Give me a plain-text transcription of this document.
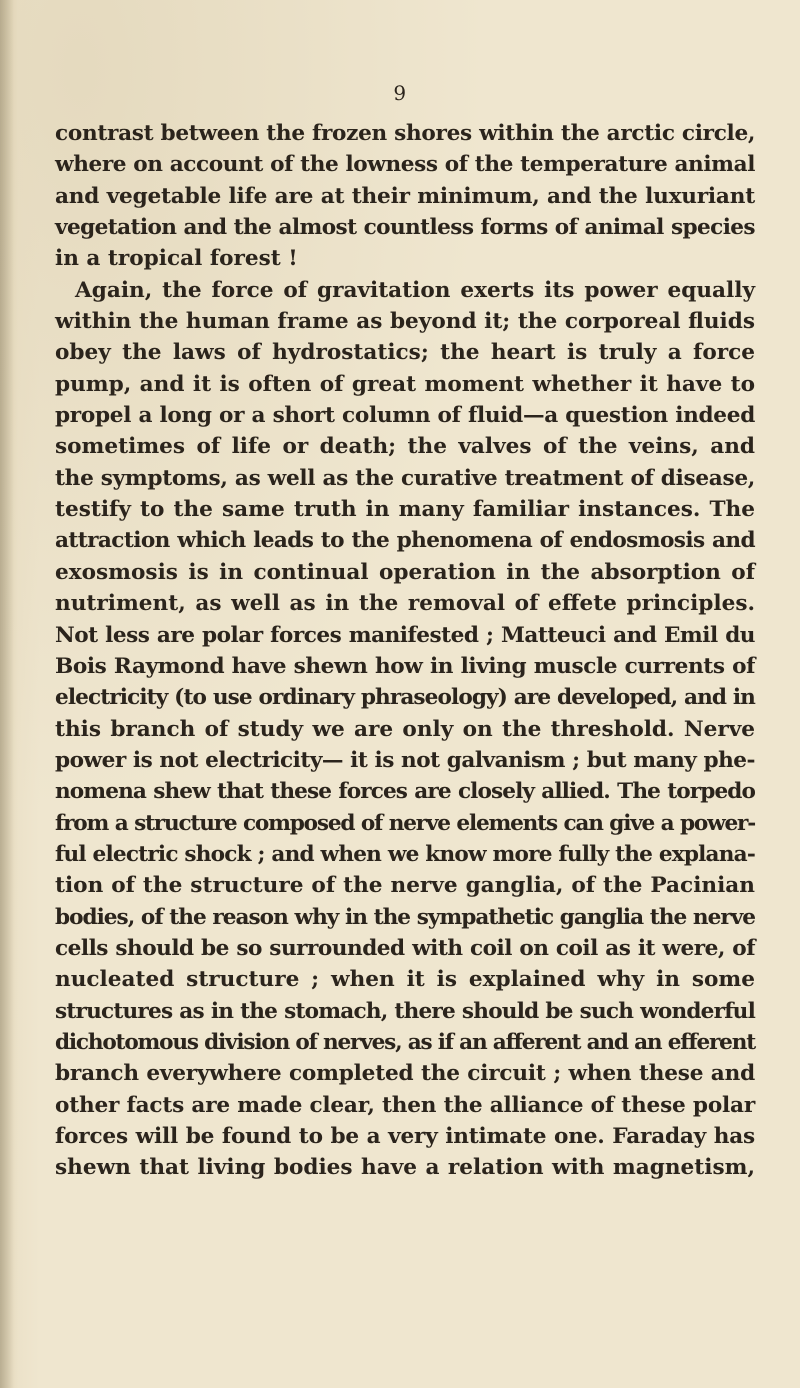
9
contrast between the frozen shores within the arctic circle,
where on account of the lowness of the temperature animal
and vegetable life are at their minimum, and the luxuriant
vegetation and the almost countless forms of animal species
in a tropical forest !
Again, the force of gravitation exerts its power equally
within the human frame as beyond it; the corporeal fluids
obey the laws of hydrostatics; the heart is truly a force
pump, and it is often of great moment whether it have to
propel a long or a short column of fluid—a question indeed
sometimes of life or death; the valves of the veins, and
the symptoms, as well as the curative treatment of disease,
testify to the same truth in many familiar instances. The
attraction which leads to the phenomena of endosmosis and
exosmosis is in continual operation in the absorption of
nutriment, as well as in the removal of effete principles.
Not less are polar forces manifested ; Matteuci and Emil du
Bois Raymond have shewn how in living muscle currents of
electricity (to use ordinary phraseology) are developed, and in
this branch of study we are only on the threshold. Nerve
power is not electricity— it is not galvanism ; but many phe-
nomena shew that these forces are closely allied. The torpedo
from a structure composed of nerve elements can give a power-
ful electric shock ; and when we know more fully the explana-
tion of the structure of the nerve ganglia, of the Pacinian
bodies, of the reason why in the sympathetic ganglia the nerve
cells should be so surrounded with coil on coil as it were, of
nucleated structure ; when it is explained why in some
structures as in the stomach, there should be such wonderful
dichotomous division of nerves, as if an afferent and an efferent
branch everywhere completed the circuit ; when these and
other facts are made clear, then the alliance of these polar
forces will be found to be a very intimate one. Faraday has
shewn that living bodies have a relation with magnetism,
